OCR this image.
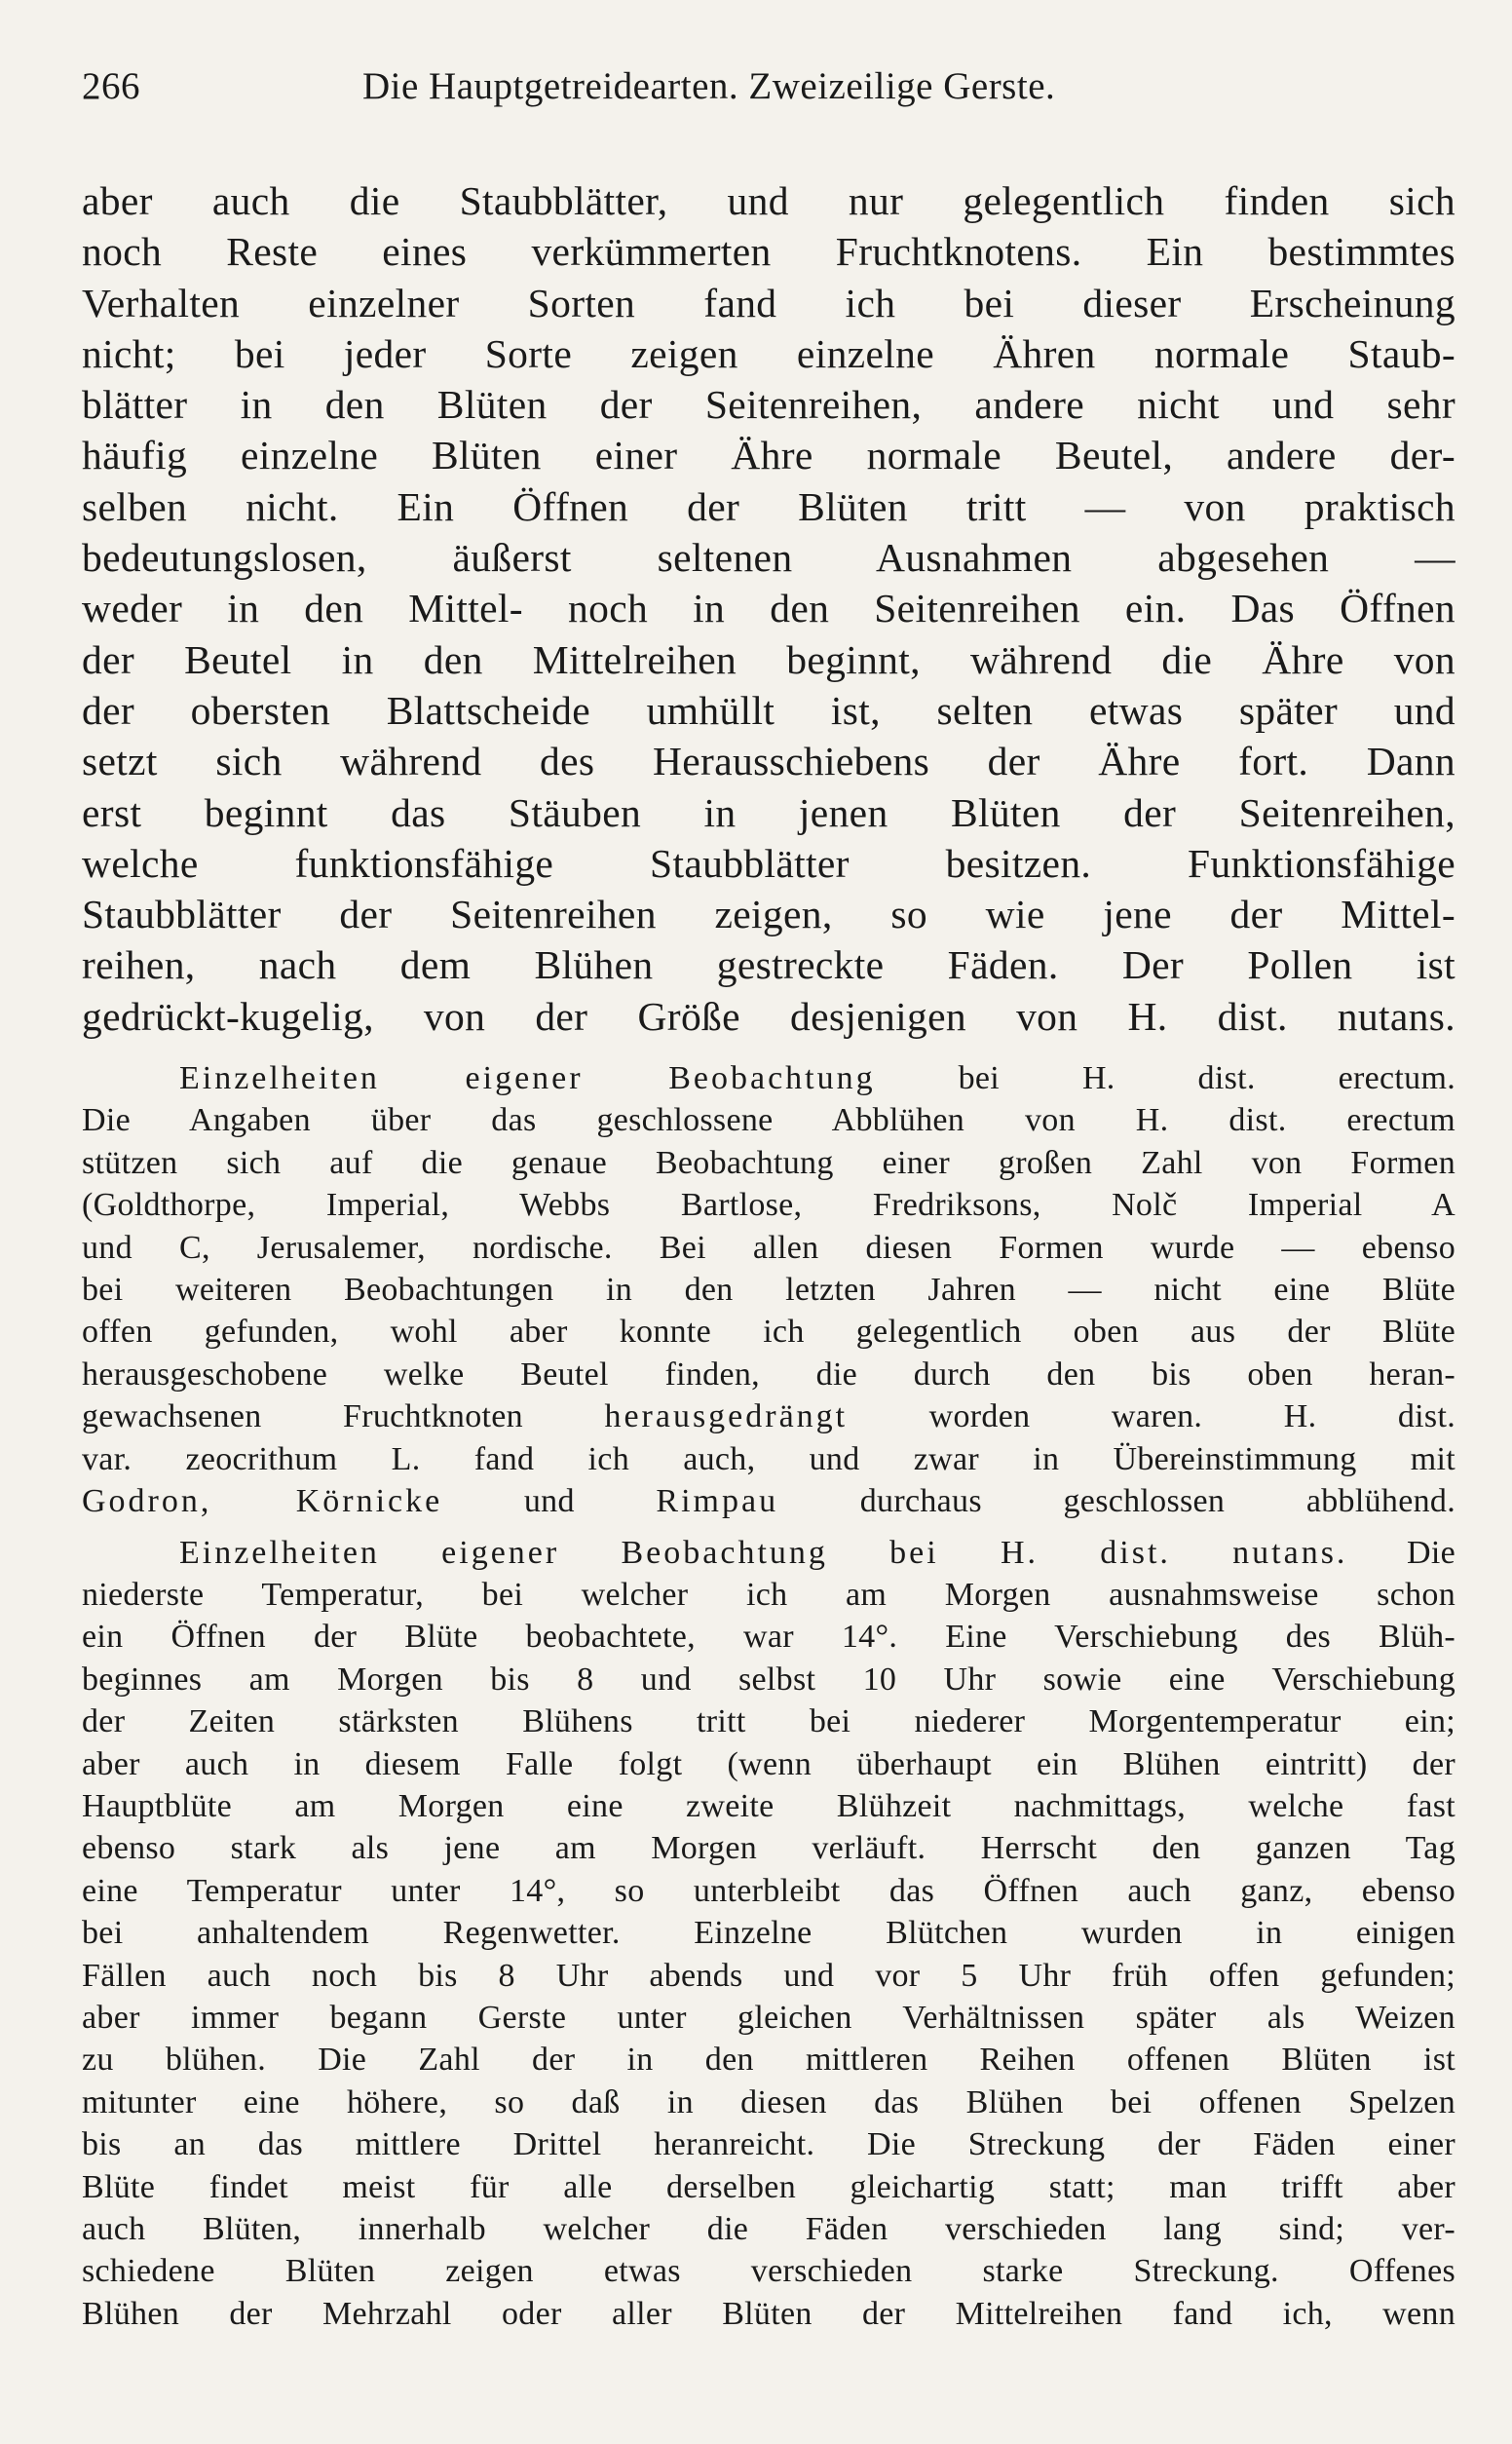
266	Die Hauptgetreidearten. Zweizeilige Gerste.
aber auch die Staubblätter, und nur gelegentlich finden sich
noch Reste eines verkümmerten Fruchtknotens. Ein bestimmtes
Verhalten einzelner Sorten fand ich bei dieser Erscheinung
nicht; bei jeder Sorte zeigen einzelne Ähren normale Staub-
blätter in den Blüten der Seitenreihen, andere nicht und sehr
häufig einzelne Blüten einer Ähre normale Beutel, andere der-
selben nicht. Ein Öffnen der Blüten tritt — von praktisch
bedeutungslosen, äußerst seltenen Ausnahmen abgesehen —
weder in den Mittel- noch in den Seitenreihen ein. Das Öffnen
der Beutel in den Mittelreihen beginnt, während die Ähre von
der obersten Blattscheide umhüllt ist, selten etwas später und
setzt sich während des Herausschiebens der Ähre fort. Dann
erst beginnt das Stäuben in jenen Blüten der Seitenreihen,
welche funktionsfähige Staubblätter besitzen. Funktionsfähige
Staubblätter der Seitenreihen zeigen, so wie jene der Mittel-
reihen, nach dem Blühen gestreckte Fäden. Der Pollen ist
gedrückt-kugelig, von der Größe desjenigen von H. dist. nutans.
Einzelheiten eigener Beobachtung bei H. dist. erectum.
Die Angaben über das geschlossene Abblühen von H. dist. erectum
stützen sich auf die genaue Beobachtung einer großen Zahl von Formen
(Goldthorpe, Imperial, Webbs Bartlose, Fredriksons, Nolč Imperial A
und C, Jerusalemer, nordische. Bei allen diesen Formen wurde — ebenso
bei weiteren Beobachtungen in den letzten Jahren — nicht eine Blüte
offen gefunden, wohl aber konnte ich gelegentlich oben aus der Blüte
herausgeschobene welke Beutel finden, die durch den bis oben heran-
gewachsenen Fruchtknoten herausgedrängt worden waren. H. dist.
var. zeocrithum L. fand ich auch, und zwar in Übereinstimmung mit
Godron, Körnicke und Rimpau durchaus geschlossen abblühend.
Einzelheiten eigener Beobachtung bei H. dist. nutans. Die
niederste Temperatur, bei welcher ich am Morgen ausnahmsweise schon
ein Öffnen der Blüte beobachtete, war 14°. Eine Verschiebung des Blüh-
beginnes am Morgen bis 8 und selbst 10 Uhr sowie eine Verschiebung
der Zeiten stärksten Blühens tritt bei niederer Morgentemperatur ein;
aber auch in diesem Falle folgt (wenn überhaupt ein Blühen eintritt) der
Hauptblüte am Morgen eine zweite Blühzeit nachmittags, welche fast
ebenso stark als jene am Morgen verläuft. Herrscht den ganzen Tag
eine Temperatur unter 14°, so unterbleibt das Öffnen auch ganz, ebenso
bei anhaltendem Regenwetter. Einzelne Blütchen wurden in einigen
Fällen auch noch bis 8 Uhr abends und vor 5 Uhr früh offen gefunden;
aber immer begann Gerste unter gleichen Verhältnissen später als Weizen
zu blühen. Die Zahl der in den mittleren Reihen offenen Blüten ist
mitunter eine höhere, so daß in diesen das Blühen bei offenen Spelzen
bis an das mittlere Drittel heranreicht. Die Streckung der Fäden einer
Blüte findet meist für alle derselben gleichartig statt; man trifft aber
auch Blüten, innerhalb welcher die Fäden verschieden lang sind; ver-
schiedene Blüten zeigen etwas verschieden starke Streckung. Offenes
Blühen der Mehrzahl oder aller Blüten der Mittelreihen fand ich, wenn
